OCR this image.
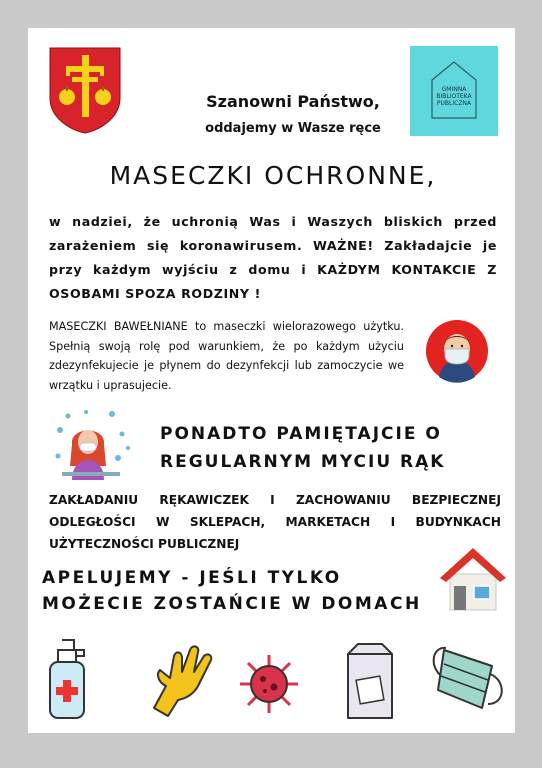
GMINNA
BIBLIOTEKA
PUBLICZNA
Szanowni Państwo,
oddajemy w Wasze ręce
MASECZKI OCHRONNE,
w nadziei, że uchronią Was i Waszych bliskich przed zarażeniem się koronawirusem. WAŻNE! Zakładajcie je przy każdym wyjściu z domu i KAŻDYM KONTAKCIE Z OSOBAMI SPOZA RODZINY !
MASECZKI BAWEŁNIANE to maseczki wielorazowego użytku. Spełnią swoją rolę pod warunkiem, że po każdym użyciu zdezynfekujecie je płynem do dezynfekcji lub zamoczycie we wrzątku i uprasujecie.
PONADTO PAMIĘTAJCIE O
REGULARNYM MYCIU RĄK
ZAKŁADANIU RĘKAWICZEK I ZACHOWANIU BEZPIECZNEJ ODLEGŁOŚCI W SKLEPACH, MARKETACH I BUDYNKACH UŻYTECZNOŚCI PUBLICZNEJ
APELUJEMY - JEŚLI TYLKO
MOŻECIE ZOSTAŃCIE W DOMACH
